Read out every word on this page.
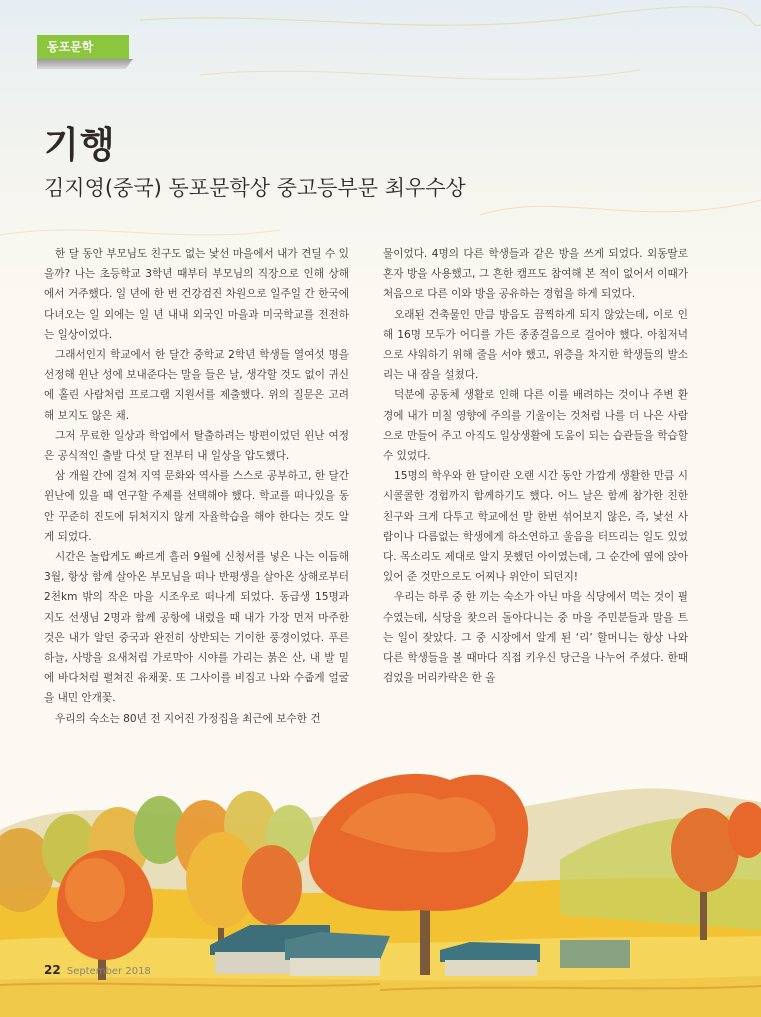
동포문학
기행
김지영(중국) 동포문학상 중고등부문 최우수상

한 달 동안 부모님도 친구도 없는 낯선 마을에서 내가 견딜 수 있을까? 나는 초등학교 3학년 때부터 부모님의 직장으로 인해 상해에서 거주했다. 일 년에 한 번 건강검진 차원으로 일주일 간 한국에 다녀오는 일 외에는 일 년 내내 외국인 마을과 미국학교를 전전하는 일상이었다.

그래서인지 학교에서 한 달간 중학교 2학년 학생들 열여섯 명을 선정해 윈난 성에 보내준다는 말을 들은 날, 생각할 것도 없이 귀신에 홀린 사람처럼 프로그램 지원서를 제출했다. 위의 질문은 고려해 보지도 않은 채.

그저 무료한 일상과 학업에서 탈출하려는 방편이었던 윈난 여정은 공식적인 출발 다섯 달 전부터 내 일상을 압도했다.

삼 개월 간에 걸쳐 지역 문화와 역사를 스스로 공부하고, 한 달간 윈난에 있을 때 연구할 주제를 선택해야 했다. 학교를 떠나있을 동안 꾸준히 진도에 뒤처지지 않게 자율학습을 해야 한다는 것도 알게 되었다.

시간은 놀랍게도 빠르게 흘러 9월에 신청서를 넣은 나는 이듬해 3월, 항상 함께 살아온 부모님을 떠나 반평생을 살아온 상해로부터 2천km 밖의 작은 마을 시조우로 떠나게 되었다. 동급생 15명과 지도 선생님 2명과 함께 공항에 내렸을 때 내가 가장 먼저 마주한 것은 내가 알던 중국과 완전히 상반되는 기이한 풍경이었다. 푸른 하늘, 사방을 요새처럼 가로막아 시야를 가리는 붉은 산, 내 발 밑에 바다처럼 펼쳐진 유채꽃. 또 그사이를 비집고 나와 수줍게 얼굴을 내민 안개꽃.

우리의 숙소는 80년 전 지어진 가정집을 최근에 보수한 건

물이었다. 4명의 다른 학생들과 같은 방을 쓰게 되었다. 외동딸로 혼자 방을 사용했고, 그 흔한 캠프도 참여해 본 적이 없어서 이때가 처음으로 다른 이와 방을 공유하는 경험을 하게 되었다.

오래된 건축물인 만큼 방음도 끔찍하게 되지 않았는데, 이로 인해 16명 모두가 어디를 가든 종종걸음으로 걸어야 했다. 아침저녁으로 샤워하기 위해 줄을 서야 했고, 위층을 차지한 학생들의 발소리는 내 잠을 설쳤다.

덕분에 공동체 생활로 인해 다른 이를 배려하는 것이나 주변 환경에 내가 미칠 영향에 주의를 기울이는 것처럼 나를 더 나은 사람으로 만들어 주고 아직도 일상생활에 도움이 되는 습관들을 학습할 수 있었다.

15명의 학우와 한 달이란 오랜 시간 동안 가깝게 생활한 만큼 시시콜콜한 경험까지 함께하기도 했다. 어느 날은 함께 참가한 친한 친구와 크게 다투고 학교에선 말 한번 섞어보지 않은, 즉, 낯선 사람이나 다름없는 학생에게 하소연하고 울음을 터뜨리는 일도 있었다. 목소리도 제대로 알지 못했던 아이였는데, 그 순간에 옆에 앉아 있어 준 것만으로도 어찌나 위안이 되던지!

우리는 하루 중 한 끼는 숙소가 아닌 마을 식당에서 먹는 것이 필수였는데, 식당을 찾으러 돌아다니는 중 마을 주민분들과 말을 트는 일이 잦았다. 그 중 시장에서 알게 된 ‘리’ 할머니는 항상 나와 다른 학생들을 볼 때마다 직접 키우신 당근을 나누어 주셨다. 한때 검었을 머리카락은 한 올

22 September 2018
